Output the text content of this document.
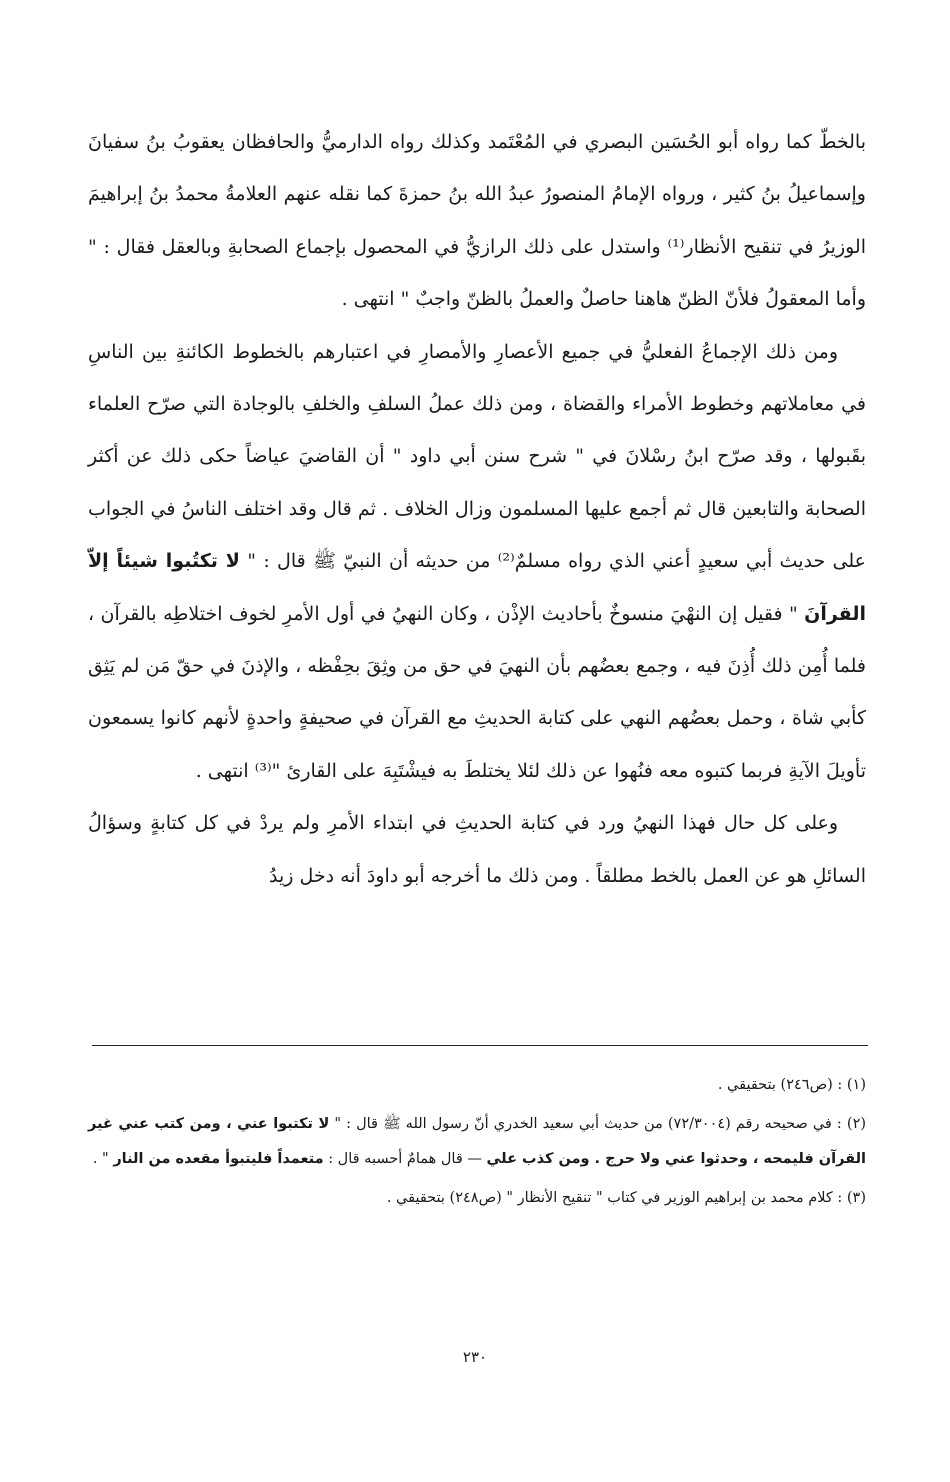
بالخطّ كما رواه أبو الحُسَين البصري في المُعْتَمد وكذلك رواه الدارميُّ والحافظان يعقوبُ بنُ سفيانَ وإسماعيلُ بنُ كثير ، ورواه الإمامُ المنصورُ عبدُ الله بنُ حمزةَ كما نقله عنهم العلامةُ محمدُ بنُ إبراهيمَ الوزيرُ في تنقيح الأنظار⁽¹⁾ واستدل على ذلك الرازيُّ في المحصول بإجماع الصحابةِ وبالعقل فقال : " وأما المعقولُ فلأنّ الظنّ هاهنا حاصلٌ والعملُ بالظنّ واجبٌ " انتهى .

ومن ذلك الإجماعُ الفعليُّ في جميع الأعصارِ والأمصارِ في اعتبارهم بالخطوط الكائنةِ بين الناسِ في معاملاتهم وخطوط الأمراء والقضاة ، ومن ذلك عملُ السلفِ والخلفِ بالوجادة التي صرّح العلماء بقَبولها ، وقد صرّح ابنُ رسْلانَ في " شرح سنن أبي داود " أن القاضيَ عياضاً حكى ذلك عن أكثر الصحابة والتابعين قال ثم أجمع عليها المسلمون وزال الخلاف . ثم قال وقد اختلف الناسُ في الجواب على حديث أبي سعيدٍ أعني الذي رواه مسلمٌ⁽²⁾ من حديثه أن النبيّ ﷺ قال : " لا تكتُبوا شيئاً إلاّ القرآنَ " فقيل إن النهْيَ منسوخٌ بأحاديث الإذْن ، وكان النهيُ في أول الأمرِ لخوف اختلاطِه بالقرآن ، فلما أُمِن ذلك أُذِنَ فيه ، وجمع بعضُهم بأن النهيَ في حق من وثِقَ بحِفْظه ، والإذنَ في حقّ مَن لم يَثِق كأبي شاة ، وحمل بعضُهم النهي على كتابة الحديثِ مع القرآن في صحيفةٍ واحدةٍ لأنهم كانوا يسمعون تأويلَ الآيةِ فربما كتبوه معه فنُهوا عن ذلك لئلا يختلطَ به فيشْتَبِهَ على القارئ "⁽³⁾ انتهى .

وعلى كل حال فهذا النهيُ ورد في كتابة الحديثِ في ابتداء الأمرِ ولم يردْ في كل كتابةٍ وسؤالُ السائلِ هو عن العمل بالخط مطلقاً . ومن ذلك ما أخرجه أبو داودَ أنه دخل زيدُ

(١) : (ص٢٤٦) بتحقيقي .

(٢) : في صحيحه رقم (٧٢/٣٠٠٤) من حديث أبي سعيد الخدري أنّ رسول الله ﷺ قال : " لا تكتبوا عني ، ومن كتب عني غير القرآن فليمحه ، وحدثوا عني ولا حرج . ومن كذب علي — قال همامٌ أحسبه قال : متعمداً فليتبوأ مقعده من النار " .

(٣) : كلام محمد بن إبراهيم الوزير في كتاب " تنقيح الأنظار " (ص٢٤٨) بتحقيقي .

٢٣٠
